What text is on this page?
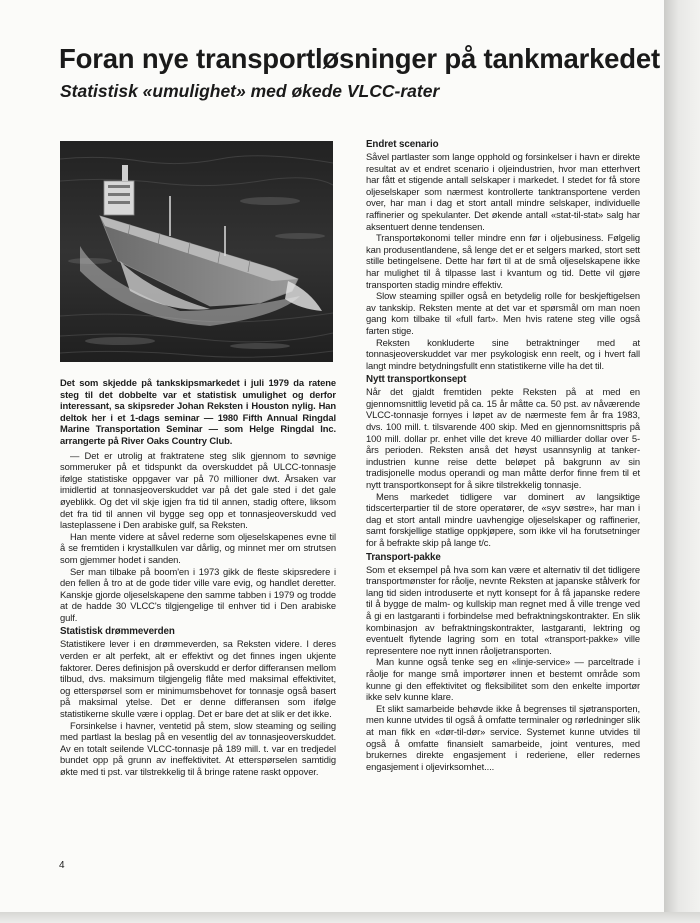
Foran nye transportløsninger på tankmarkedet
Statistisk «umulighet» med økede VLCC-rater

Det som skjedde på tankskipsmarkedet i juli 1979 da ratene steg til det dobbelte var et statistisk umulighet og derfor interessant, sa skipsreder Johan Reksten i Houston nylig. Han deltok her i et 1-dags seminar — 1980 Fifth Annual Ringdal Marine Transportation Seminar — som Helge Ringdal Inc. arrangerte på River Oaks Country Club.

— Det er utrolig at fraktratene steg slik gjennom to søvnige sommeruker på et tidspunkt da overskuddet på ULCC-tonnasje ifølge statistiske oppgaver var på 70 millioner dwt. Årsaken var imidlertid at tonnasjeoverskuddet var på det gale sted i det gale øyeblikk. Og det vil skje igjen fra tid til annen, stadig oftere, liksom det fra tid til annen vil bygge seg opp et tonnasjeoverskudd ved lasteplassene i Den arabiske gulf, sa Reksten.

Han mente videre at såvel rederne som oljeselskapenes evne til å se fremtiden i krystallkulen var dårlig, og minnet mer om strutsen som gjemmer hodet i sanden.

Ser man tilbake på boom'en i 1973 gikk de fleste skipsredere i den fellen å tro at de gode tider ville vare evig, og handlet deretter. Kanskje gjorde oljeselskapene den samme tabben i 1979 og trodde at de hadde 30 VLCC's tilgjengelige til enhver tid i Den arabiske gulf.

Statistisk drømmeverden

Statistikere lever i en drømmeverden, sa Reksten videre. I deres verden er alt perfekt, alt er effektivt og det finnes ingen ukjente faktorer. Deres definisjon på overskudd er derfor differansen mellom tilbud, dvs. maksimum tilgjengelig flåte med maksimal effektivitet, og etterspørsel som er minimumsbehovet for tonnasje også basert på maksimal ytelse. Det er denne differansen som ifølge statistikerne skulle være i opplag. Det er bare det at slik er det ikke.

Forsinkelse i havner, ventetid på stem, slow steaming og seiling med partlast la beslag på en vesentlig del av tonnasjeoverskuddet. Av en totalt seilende VLCC-tonnasje på 189 mill. t. var en tredjedel bundet opp på grunn av ineffektivitet. At etterspørselen samtidig økte med ti pst. var tilstrekkelig til å bringe ratene raskt oppover.

Endret scenario

Såvel partlaster som lange opphold og forsinkelser i havn er direkte resultat av et endret scenario i oljeindustrien, hvor man etterhvert har fått et stigende antall selskaper i markedet. I stedet for få store oljeselskaper som nærmest kontrollerte tanktransportene verden over, har man i dag et stort antall mindre selskaper, individuelle raffinerier og spekulanter. Det økende antall «stat-til-stat» salg har aksentuert denne tendensen.

Transportøkonomi teller mindre enn før i oljebusiness. Følgelig kan produsentlandene, så lenge det er et selgers marked, stort sett stille betingelsene. Dette har ført til at de små oljeselskapene ikke har mulighet til å tilpasse last i kvantum og tid. Dette vil gjøre transporten stadig mindre effektiv.

Slow steaming spiller også en betydelig rolle for beskjeftigelsen av tankskip. Reksten mente at det var et spørsmål om man noen gang kom tilbake til «full fart». Men hvis ratene steg ville også farten stige.

Reksten konkluderte sine betraktninger med at tonnasjeoverskuddet var mer psykologisk enn reelt, og i hvert fall langt mindre betydningsfullt enn statistikerne ville ha det til.

Nytt transportkonsept

Når det gjaldt fremtiden pekte Reksten på at med en gjennomsnittlig levetid på ca. 15 år måtte ca. 50 pst. av nåværende VLCC-tonnasje fornyes i løpet av de nærmeste fem år fra 1983, dvs. 100 mill. t. tilsvarende 400 skip. Med en gjennomsnittspris på 100 mill. dollar pr. enhet ville det kreve 40 milliarder dollar over 5-års perioden. Reksten anså det høyst usannsynlig at tanker-industrien kunne reise dette beløpet på bakgrunn av sin tradisjonelle modus operandi og man måtte derfor finne frem til et nytt transportkonsept for å sikre tilstrekkelig tonnasje.

Mens markedet tidligere var dominert av langsiktige tidscerterpartier til de store operatører, de «syv søstre», har man i dag et stort antall mindre uavhengige oljeselskaper og raffinerier, samt forskjellige statlige oppkjøpere, som ikke vil ha forutsetninger for å befrakte skip på lange t/c.

Transport-pakke

Som et eksempel på hva som kan være et alternativ til det tidligere transportmønster for råolje, nevnte Reksten at japanske stålverk for lang tid siden introduserte et nytt konsept for å få japanske redere til å bygge de malm- og kullskip man regnet med å ville trenge ved å gi en lastgaranti i forbindelse med befraktningskontrakter. En slik kombinasjon av befraktningskontrakter, lastgaranti, lektring og eventuelt flytende lagring som en total «transport-pakke» ville representere noe nytt innen råoljetransporten.

Man kunne også tenke seg en «linje-service» — parceltrade i råolje for mange små importører innen et bestemt område som kunne gi den effektivitet og fleksibilitet som den enkelte importør ikke selv kunne klare.

Et slikt samarbeide behøvde ikke å begrenses til sjøtransporten, men kunne utvides til også å omfatte terminaler og rørledninger slik at man fikk en «dør-til-dør» service. Systemet kunne utvides til også å omfatte finansielt samarbeide, joint ventures, med brukernes direkte engasjement i rederiene, eller redernes engasjement i oljevirksomhet....

4
